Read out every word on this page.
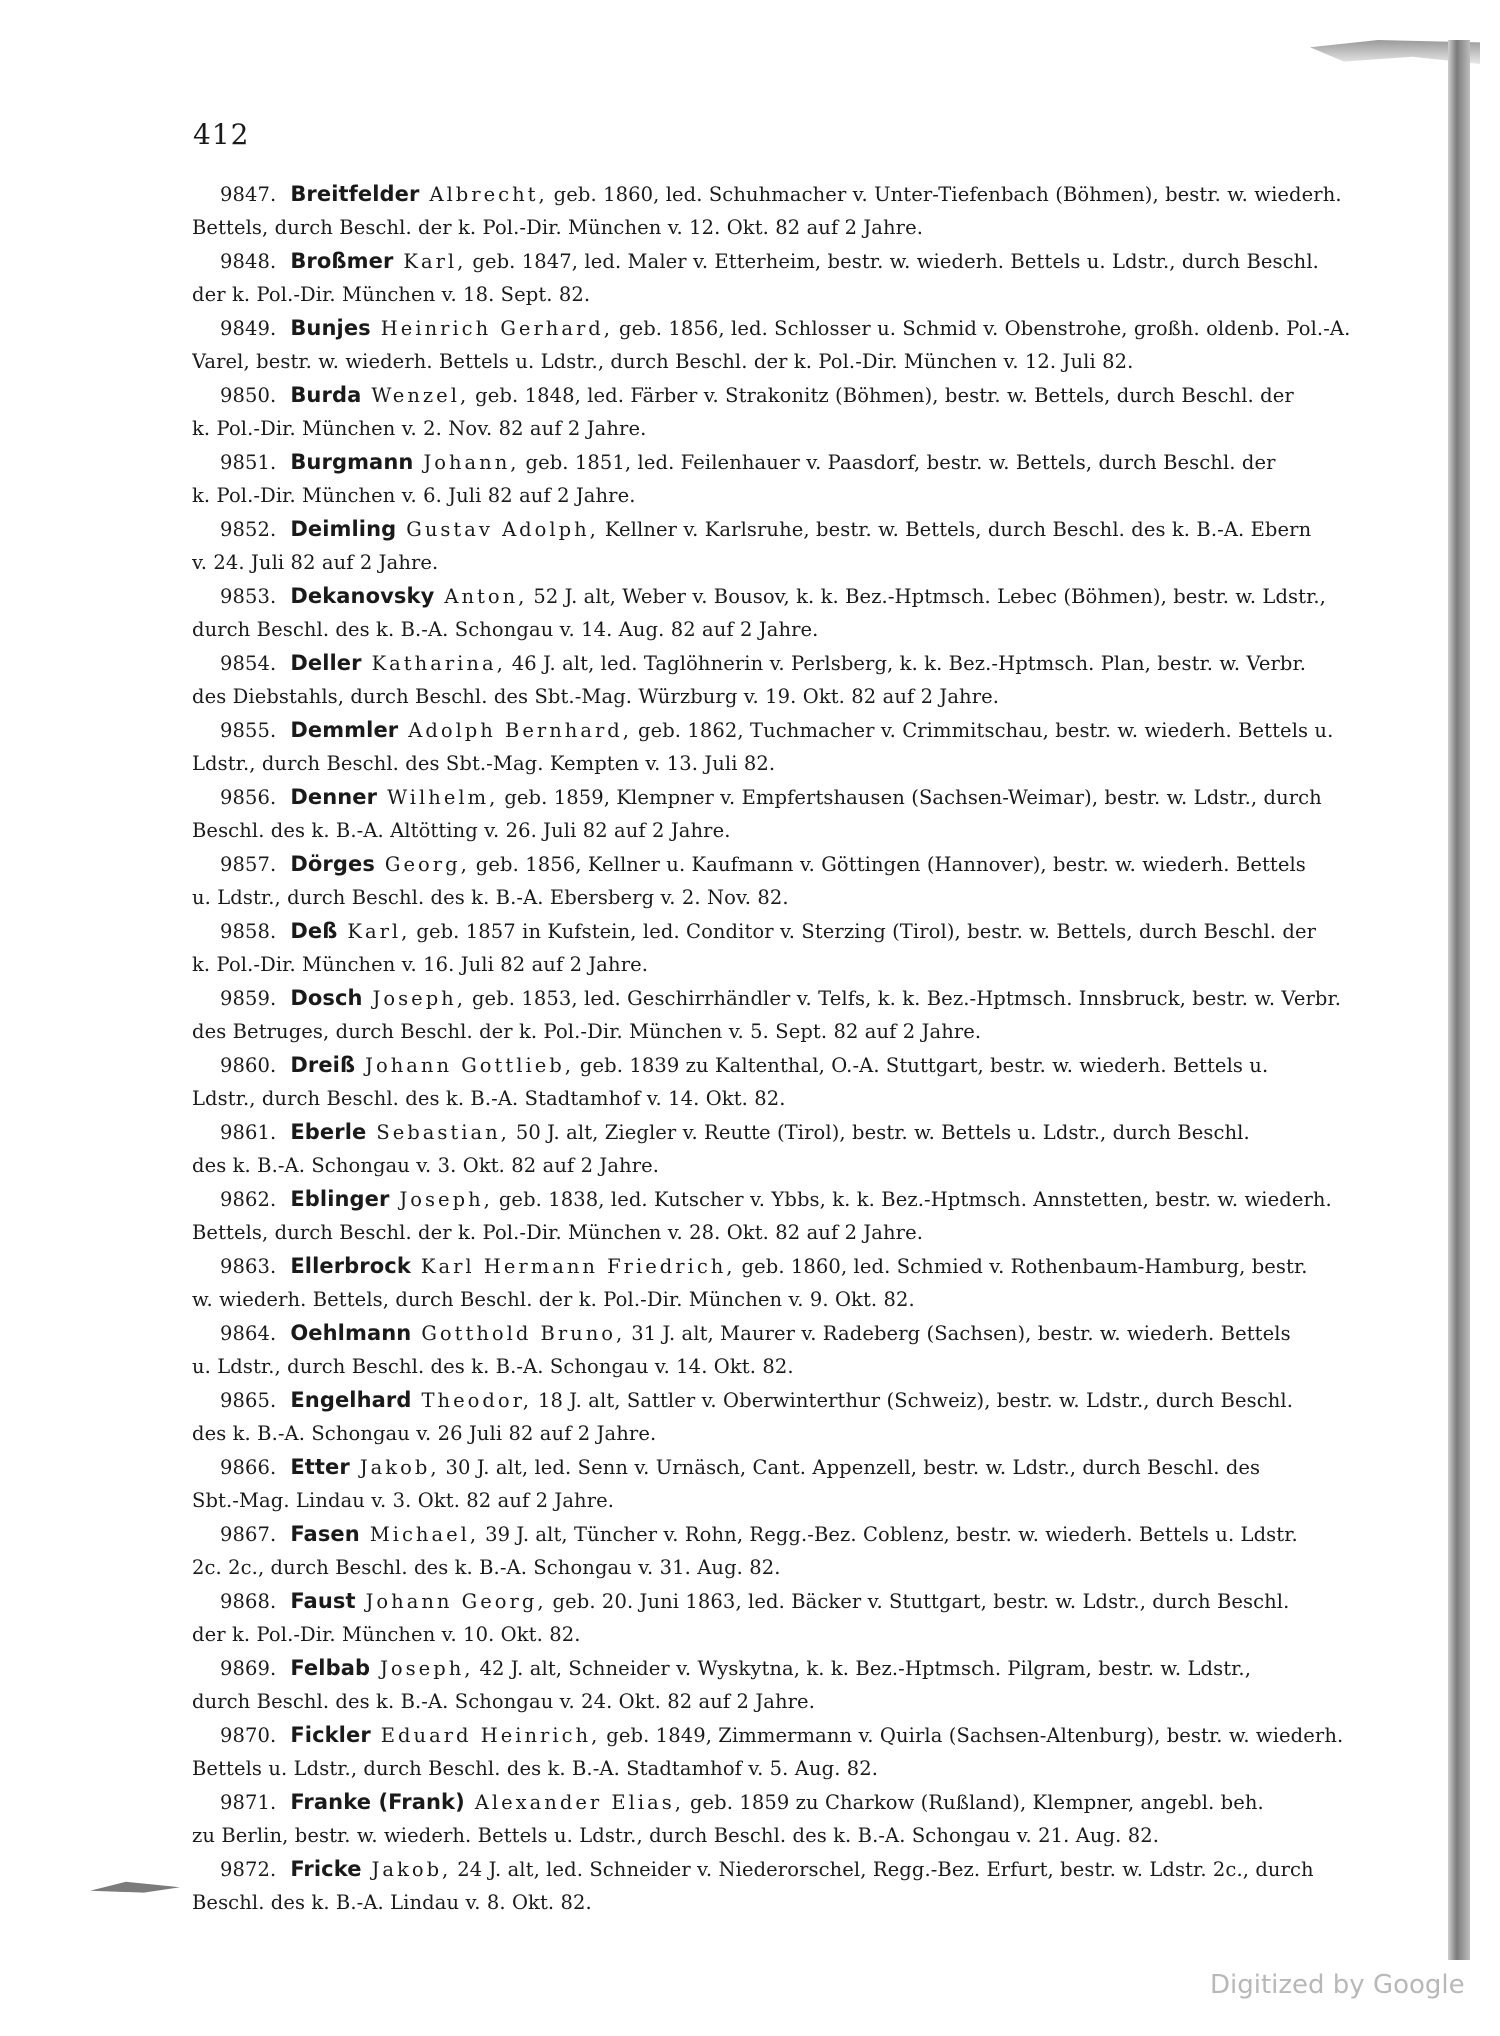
412
9847. Breitfelder Albrecht, geb. 1860, led. Schuhmacher v. Unter-Tiefenbach (Böhmen), bestr. w. wiederh.
Bettels, durch Beschl. der k. Pol.-Dir. München v. 12. Okt. 82 auf 2 Jahre.
9848. Broßmer Karl, geb. 1847, led. Maler v. Etterheim, bestr. w. wiederh. Bettels u. Ldstr., durch Beschl.
der k. Pol.-Dir. München v. 18. Sept. 82.
9849. Bunjes Heinrich Gerhard, geb. 1856, led. Schlosser u. Schmid v. Obenstrohe, großh. oldenb. Pol.-A.
Varel, bestr. w. wiederh. Bettels u. Ldstr., durch Beschl. der k. Pol.-Dir. München v. 12. Juli 82.
9850. Burda Wenzel, geb. 1848, led. Färber v. Strakonitz (Böhmen), bestr. w. Bettels, durch Beschl. der
k. Pol.-Dir. München v. 2. Nov. 82 auf 2 Jahre.
9851. Burgmann Johann, geb. 1851, led. Feilenhauer v. Paasdorf, bestr. w. Bettels, durch Beschl. der
k. Pol.-Dir. München v. 6. Juli 82 auf 2 Jahre.
9852. Deimling Gustav Adolph, Kellner v. Karlsruhe, bestr. w. Bettels, durch Beschl. des k. B.-A. Ebern
v. 24. Juli 82 auf 2 Jahre.
9853. Dekanovsky Anton, 52 J. alt, Weber v. Bousov, k. k. Bez.-Hptmsch. Lebec (Böhmen), bestr. w. Ldstr.,
durch Beschl. des k. B.-A. Schongau v. 14. Aug. 82 auf 2 Jahre.
9854. Deller Katharina, 46 J. alt, led. Taglöhnerin v. Perlsberg, k. k. Bez.-Hptmsch. Plan, bestr. w. Verbr.
des Diebstahls, durch Beschl. des Sbt.-Mag. Würzburg v. 19. Okt. 82 auf 2 Jahre.
9855. Demmler Adolph Bernhard, geb. 1862, Tuchmacher v. Crimmitschau, bestr. w. wiederh. Bettels u.
Ldstr., durch Beschl. des Sbt.-Mag. Kempten v. 13. Juli 82.
9856. Denner Wilhelm, geb. 1859, Klempner v. Empfertshausen (Sachsen-Weimar), bestr. w. Ldstr., durch
Beschl. des k. B.-A. Altötting v. 26. Juli 82 auf 2 Jahre.
9857. Dörges Georg, geb. 1856, Kellner u. Kaufmann v. Göttingen (Hannover), bestr. w. wiederh. Bettels
u. Ldstr., durch Beschl. des k. B.-A. Ebersberg v. 2. Nov. 82.
9858. Deß Karl, geb. 1857 in Kufstein, led. Conditor v. Sterzing (Tirol), bestr. w. Bettels, durch Beschl. der
k. Pol.-Dir. München v. 16. Juli 82 auf 2 Jahre.
9859. Dosch Joseph, geb. 1853, led. Geschirrhändler v. Telfs, k. k. Bez.-Hptmsch. Innsbruck, bestr. w. Verbr.
des Betruges, durch Beschl. der k. Pol.-Dir. München v. 5. Sept. 82 auf 2 Jahre.
9860. Dreiß Johann Gottlieb, geb. 1839 zu Kaltenthal, O.-A. Stuttgart, bestr. w. wiederh. Bettels u.
Ldstr., durch Beschl. des k. B.-A. Stadtamhof v. 14. Okt. 82.
9861. Eberle Sebastian, 50 J. alt, Ziegler v. Reutte (Tirol), bestr. w. Bettels u. Ldstr., durch Beschl.
des k. B.-A. Schongau v. 3. Okt. 82 auf 2 Jahre.
9862. Eblinger Joseph, geb. 1838, led. Kutscher v. Ybbs, k. k. Bez.-Hptmsch. Annstetten, bestr. w. wiederh.
Bettels, durch Beschl. der k. Pol.-Dir. München v. 28. Okt. 82 auf 2 Jahre.
9863. Ellerbrock Karl Hermann Friedrich, geb. 1860, led. Schmied v. Rothenbaum-Hamburg, bestr.
w. wiederh. Bettels, durch Beschl. der k. Pol.-Dir. München v. 9. Okt. 82.
9864. Oehlmann Gotthold Bruno, 31 J. alt, Maurer v. Radeberg (Sachsen), bestr. w. wiederh. Bettels
u. Ldstr., durch Beschl. des k. B.-A. Schongau v. 14. Okt. 82.
9865. Engelhard Theodor, 18 J. alt, Sattler v. Oberwinterthur (Schweiz), bestr. w. Ldstr., durch Beschl.
des k. B.-A. Schongau v. 26 Juli 82 auf 2 Jahre.
9866. Etter Jakob, 30 J. alt, led. Senn v. Urnäsch, Cant. Appenzell, bestr. w. Ldstr., durch Beschl. des
Sbt.-Mag. Lindau v. 3. Okt. 82 auf 2 Jahre.
9867. Fasen Michael, 39 J. alt, Tüncher v. Rohn, Regg.-Bez. Coblenz, bestr. w. wiederh. Bettels u. Ldstr.
2c. 2c., durch Beschl. des k. B.-A. Schongau v. 31. Aug. 82.
9868. Faust Johann Georg, geb. 20. Juni 1863, led. Bäcker v. Stuttgart, bestr. w. Ldstr., durch Beschl.
der k. Pol.-Dir. München v. 10. Okt. 82.
9869. Felbab Joseph, 42 J. alt, Schneider v. Wyskytna, k. k. Bez.-Hptmsch. Pilgram, bestr. w. Ldstr.,
durch Beschl. des k. B.-A. Schongau v. 24. Okt. 82 auf 2 Jahre.
9870. Fickler Eduard Heinrich, geb. 1849, Zimmermann v. Quirla (Sachsen-Altenburg), bestr. w. wiederh.
Bettels u. Ldstr., durch Beschl. des k. B.-A. Stadtamhof v. 5. Aug. 82.
9871. Franke (Frank) Alexander Elias, geb. 1859 zu Charkow (Rußland), Klempner, angebl. beh.
zu Berlin, bestr. w. wiederh. Bettels u. Ldstr., durch Beschl. des k. B.-A. Schongau v. 21. Aug. 82.
9872. Fricke Jakob, 24 J. alt, led. Schneider v. Niederorschel, Regg.-Bez. Erfurt, bestr. w. Ldstr. 2c., durch
Beschl. des k. B.-A. Lindau v. 8. Okt. 82.
Digitized by Google
